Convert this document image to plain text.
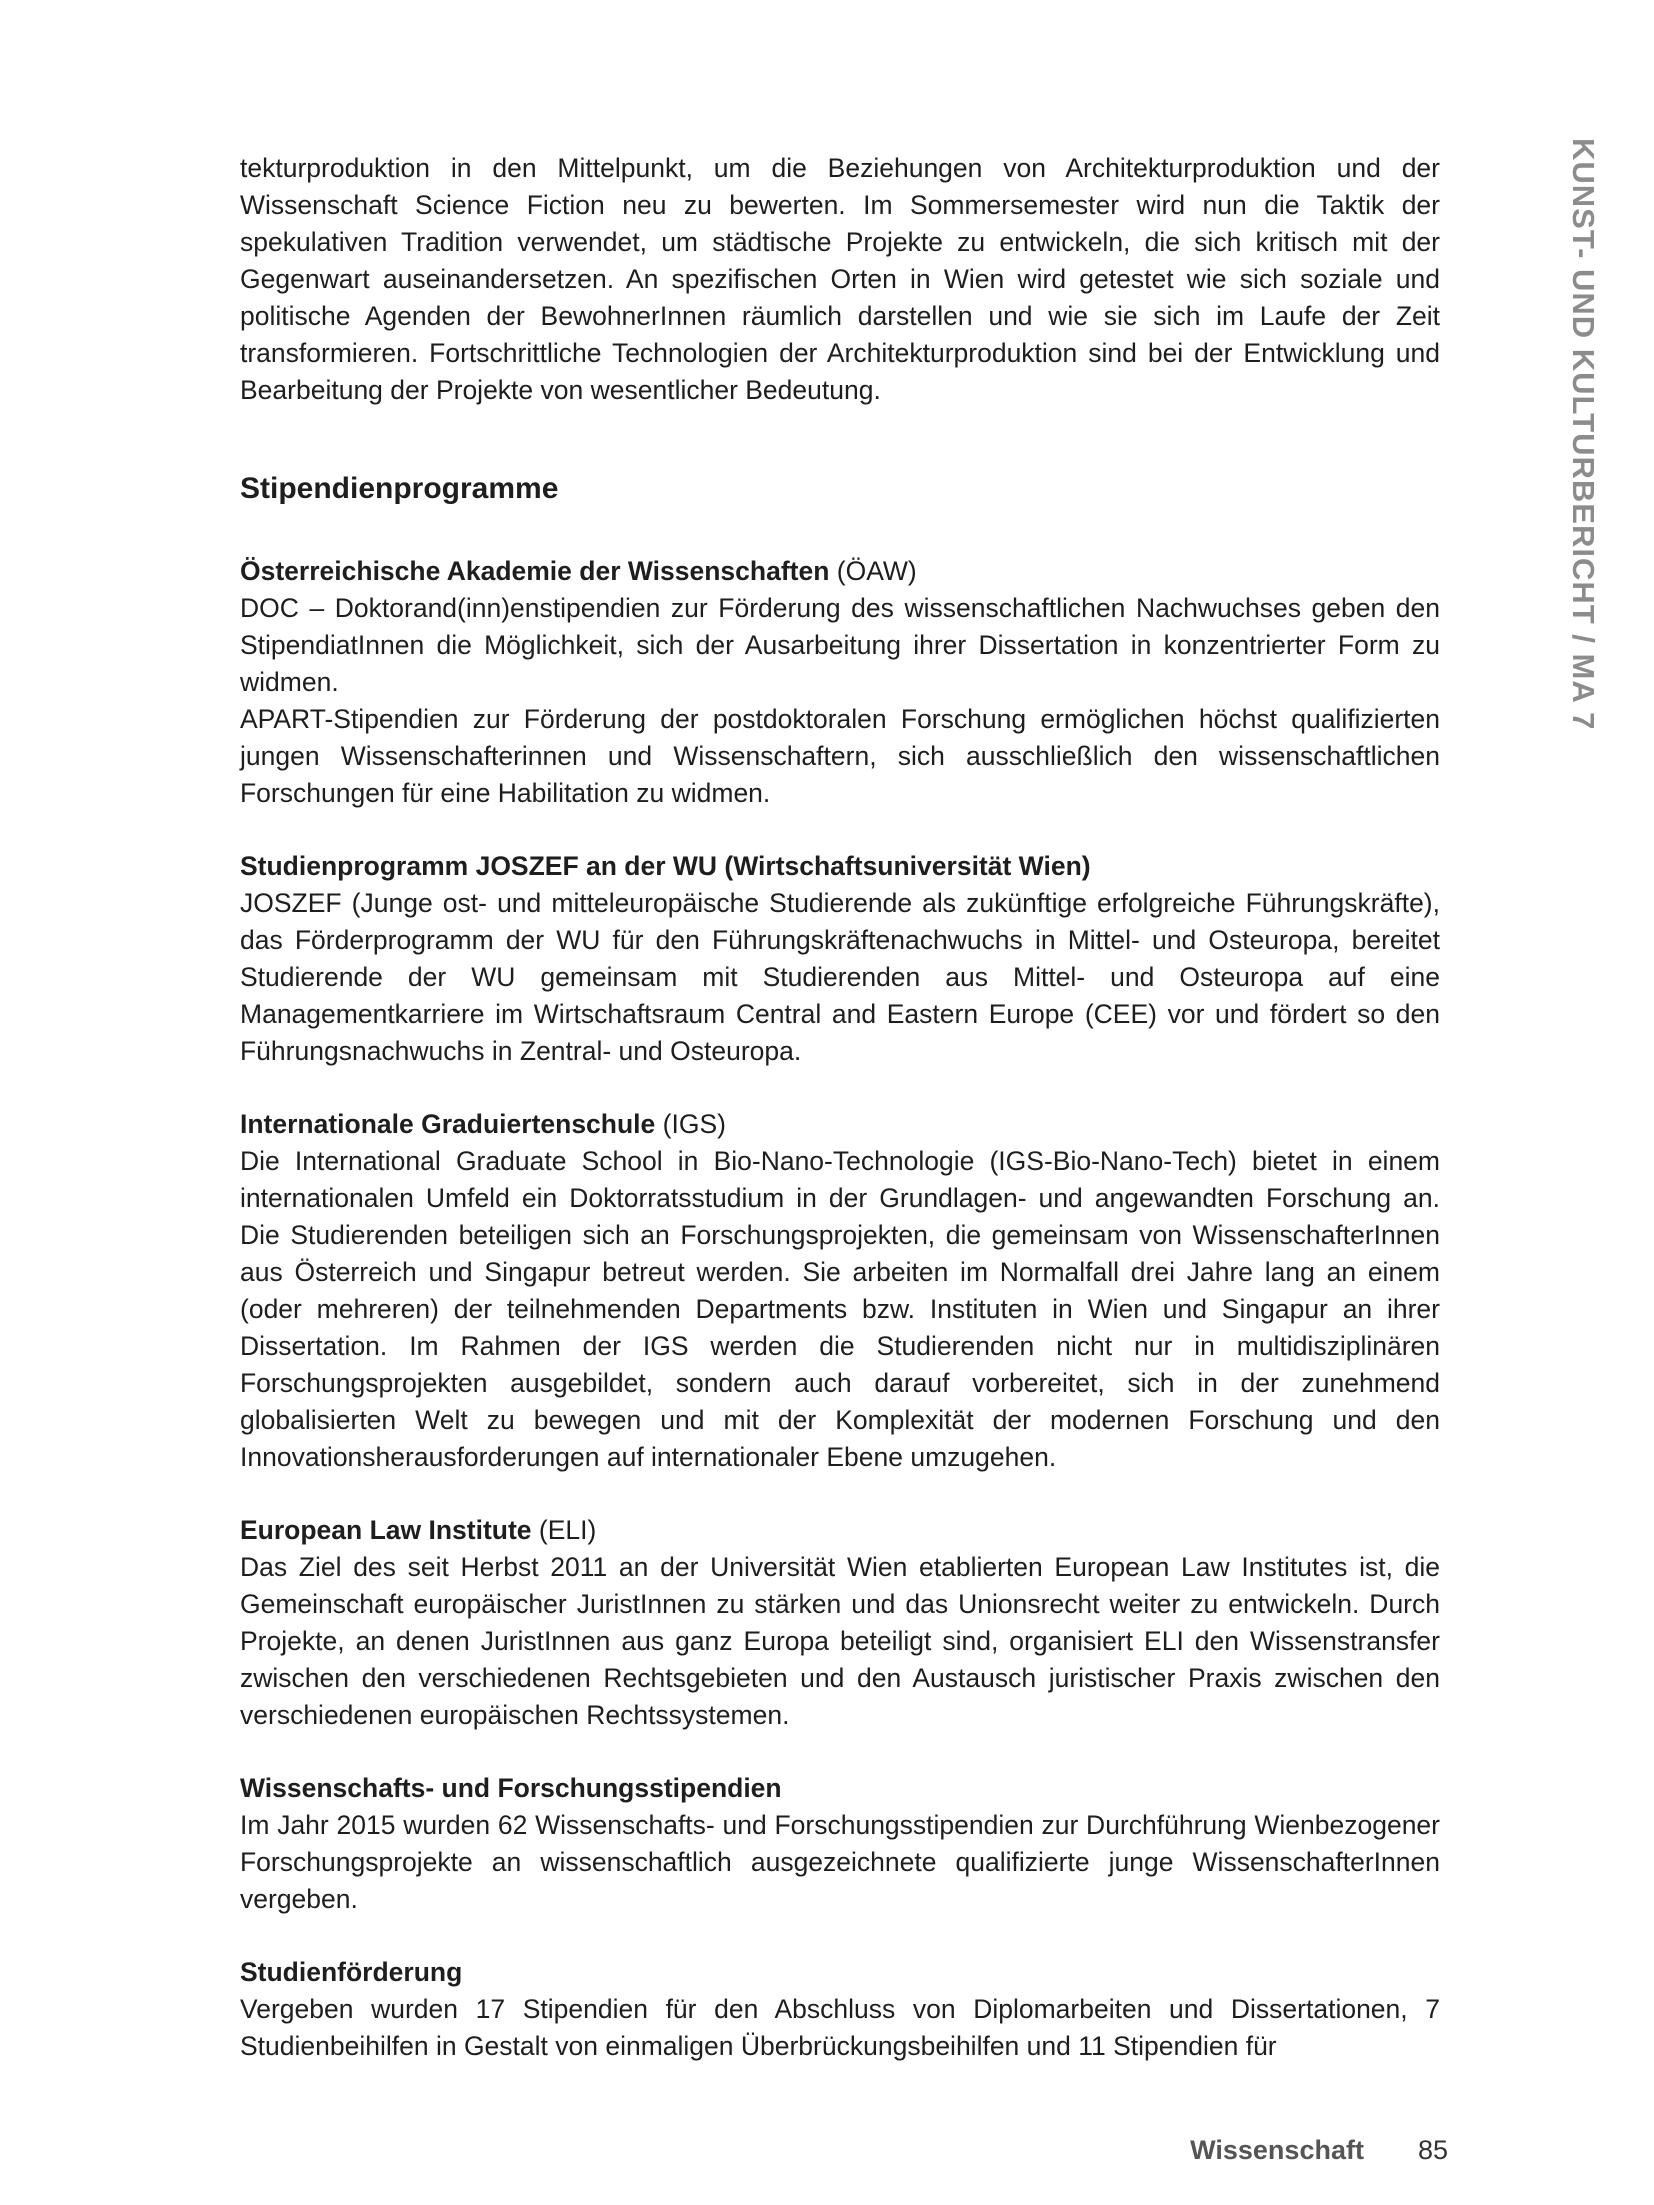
KUNST- UND KULTURBERICHT / MA 7

tekturproduktion in den Mittelpunkt, um die Beziehungen von Architekturproduktion und der Wissenschaft Science Fiction neu zu bewerten. Im Sommersemester wird nun die Taktik der spekulativen Tradition verwendet, um städtische Projekte zu entwickeln, die sich kritisch mit der Gegenwart auseinandersetzen. An spezifischen Orten in Wien wird getestet wie sich soziale und politische Agenden der BewohnerInnen räumlich darstellen und wie sie sich im Laufe der Zeit transformieren. Fortschrittliche Technologien der Architekturproduktion sind bei der Entwicklung und Bearbeitung der Projekte von wesentlicher Bedeutung.

Stipendienprogramme

Österreichische Akademie der Wissenschaften (ÖAW)

DOC – Doktorand(inn)enstipendien zur Förderung des wissenschaftlichen Nachwuchses geben den StipendiatInnen die Möglichkeit, sich der Ausarbeitung ihrer Dissertation in konzentrierter Form zu widmen.

APART-Stipendien zur Förderung der postdoktoralen Forschung ermöglichen höchst qualifizierten jungen Wissenschafterinnen und Wissenschaftern, sich ausschließlich den wissenschaftlichen Forschungen für eine Habilitation zu widmen.

Studienprogramm JOSZEF an der WU (Wirtschaftsuniversität Wien)

JOSZEF (Junge ost- und mitteleuropäische Studierende als zukünftige erfolgreiche Führungskräfte), das Förderprogramm der WU für den Führungskräftenachwuchs in Mittel- und Osteuropa, bereitet Studierende der WU gemeinsam mit Studierenden aus Mittel- und Osteuropa auf eine Managementkarriere im Wirtschaftsraum Central and Eastern Europe (CEE) vor und fördert so den Führungsnachwuchs in Zentral- und Osteuropa.

Internationale Graduiertenschule (IGS)

Die International Graduate School in Bio-Nano-Technologie (IGS-Bio-Nano-Tech) bietet in einem internationalen Umfeld ein Doktorratsstudium in der Grundlagen- und angewandten Forschung an. Die Studierenden beteiligen sich an Forschungsprojekten, die gemeinsam von WissenschafterInnen aus Österreich und Singapur betreut werden. Sie arbeiten im Normalfall drei Jahre lang an einem (oder mehreren) der teilnehmenden Departments bzw. Instituten in Wien und Singapur an ihrer Dissertation. Im Rahmen der IGS werden die Studierenden nicht nur in multidisziplinären Forschungsprojekten ausgebildet, sondern auch darauf vorbereitet, sich in der zunehmend globalisierten Welt zu bewegen und mit der Komplexität der modernen Forschung und den Innovationsherausforderungen auf internationaler Ebene umzugehen.

European Law Institute (ELI)

Das Ziel des seit Herbst 2011 an der Universität Wien etablierten European Law Institutes ist, die Gemeinschaft europäischer JuristInnen zu stärken und das Unionsrecht weiter zu entwickeln. Durch Projekte, an denen JuristInnen aus ganz Europa beteiligt sind, organisiert ELI den Wissenstransfer zwischen den verschiedenen Rechtsgebieten und den Austausch juristischer Praxis zwischen den verschiedenen europäischen Rechtssystemen.

Wissenschafts- und Forschungsstipendien

Im Jahr 2015 wurden 62 Wissenschafts- und Forschungsstipendien zur Durchführung Wienbezogener Forschungsprojekte an wissenschaftlich ausgezeichnete qualifizierte junge WissenschafterInnen vergeben.

Studienförderung

Vergeben wurden 17 Stipendien für den Abschluss von Diplomarbeiten und Dissertationen, 7 Studienbeihilfen in Gestalt von einmaligen Überbrückungsbeihilfen und 11 Stipendien für

Wissenschaft 85
